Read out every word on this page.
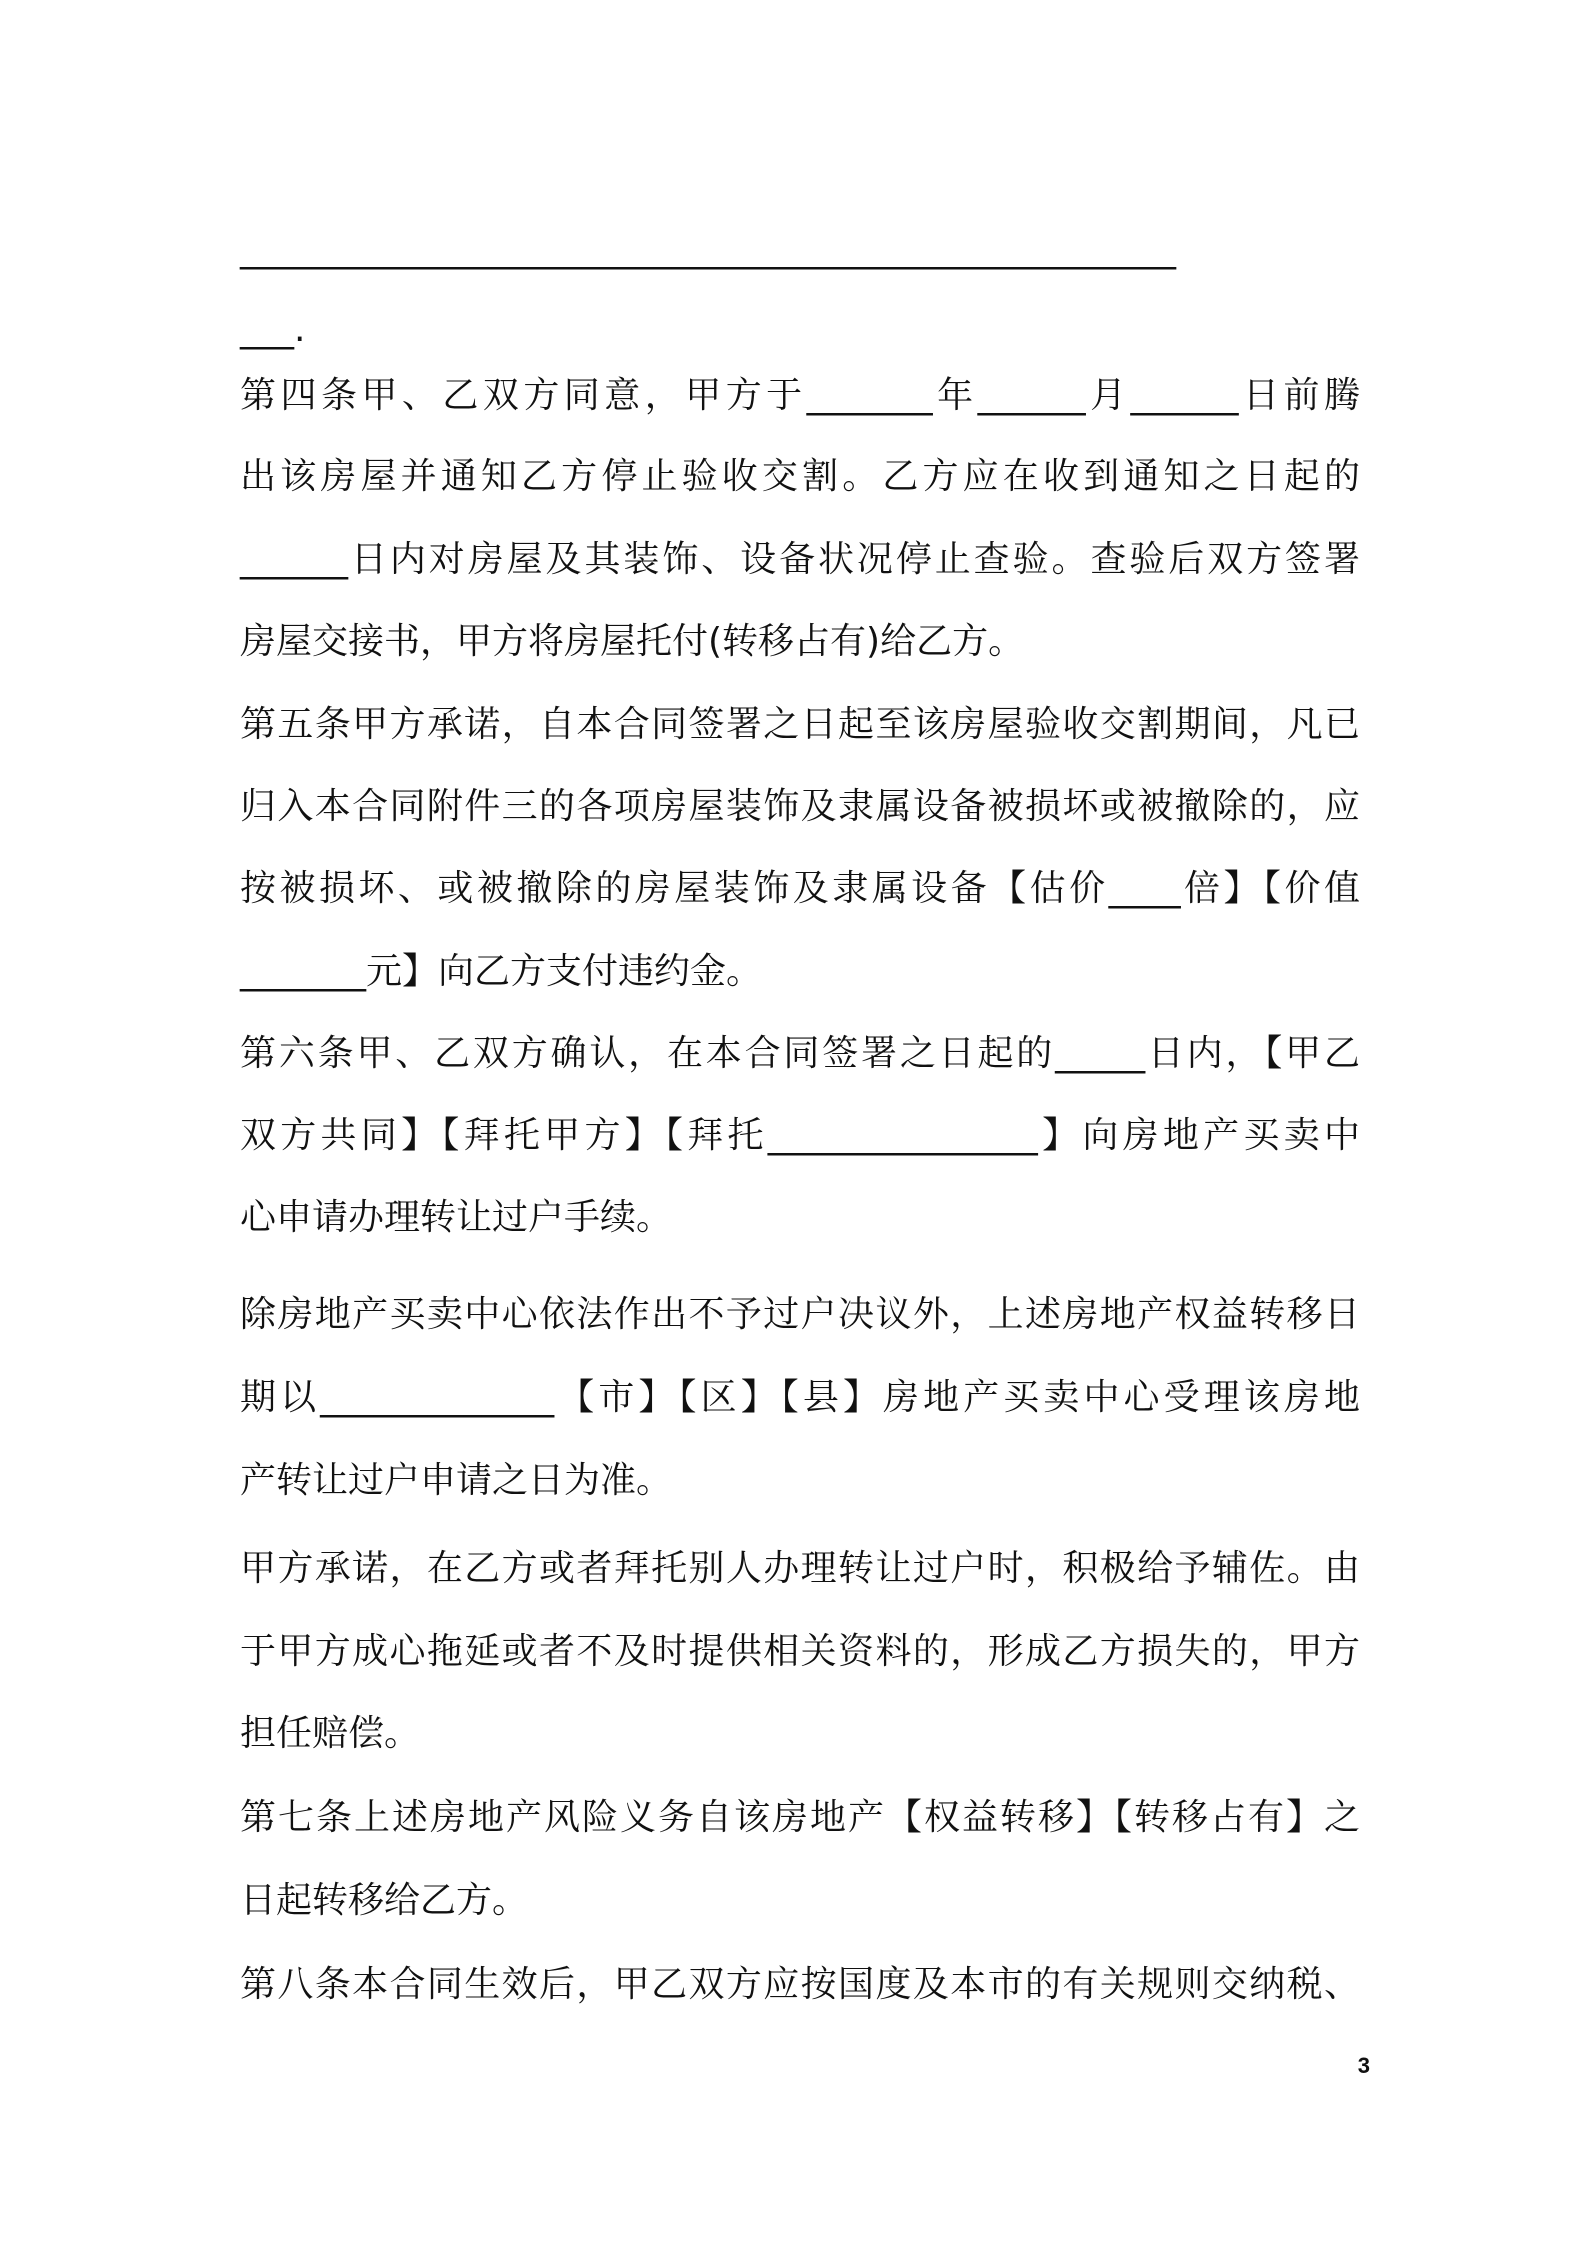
____________________________________________________
___.
第四条甲、乙双方同意，甲方于_______年______月______日前腾
出该房屋并通知乙方停止验收交割。乙方应在收到通知之日起的
______日内对房屋及其装饰、设备状况停止查验。查验后双方签署
房屋交接书，甲方将房屋托付(转移占有)给乙方。
第五条甲方承诺，自本合同签署之日起至该房屋验收交割期间，凡已
归入本合同附件三的各项房屋装饰及隶属设备被损坏或被撤除的，应
按被损坏、或被撤除的房屋装饰及隶属设备【估价____倍】【价值
_______元】向乙方支付违约金。
第六条甲、乙双方确认，在本合同签署之日起的_____日内，【甲乙
双方共同】【拜托甲方】【拜托_______________】向房地产买卖中
心申请办理转让过户手续。
除房地产买卖中心依法作出不予过户决议外，上述房地产权益转移日
期以_____________【市】【区】【县】房地产买卖中心受理该房地
产转让过户申请之日为准。
甲方承诺，在乙方或者拜托别人办理转让过户时，积极给予辅佐。由
于甲方成心拖延或者不及时提供相关资料的，形成乙方损失的，甲方
担任赔偿。
第七条上述房地产风险义务自该房地产【权益转移】【转移占有】之
日起转移给乙方。
第八条本合同生效后，甲乙双方应按国度及本市的有关规则交纳税、
3
